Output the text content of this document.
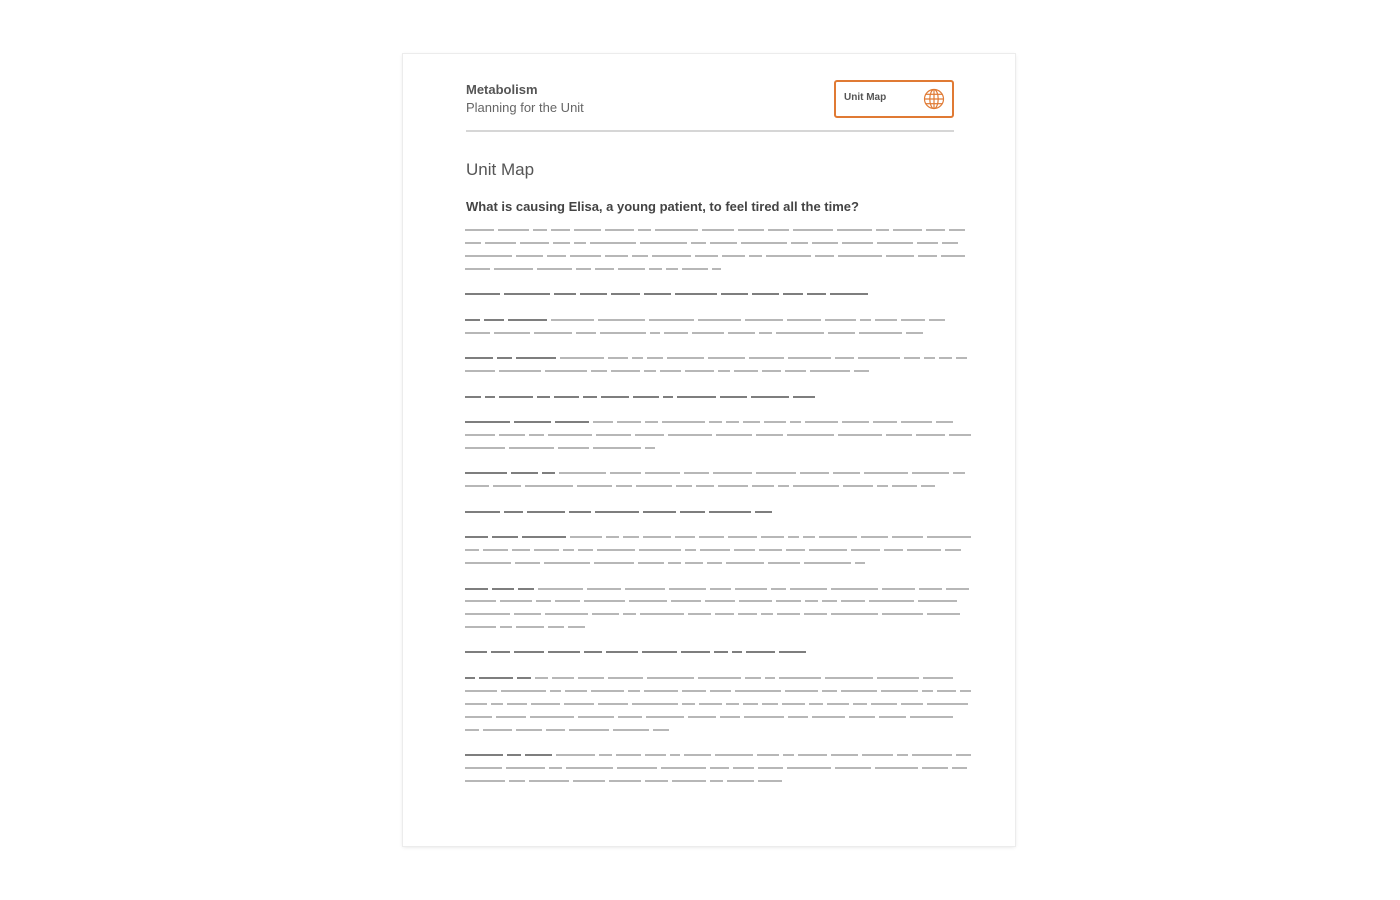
Metabolism
Planning for the Unit
Unit Map
Unit Map
What is causing Elisa, a young patient, to feel tired all the time?
